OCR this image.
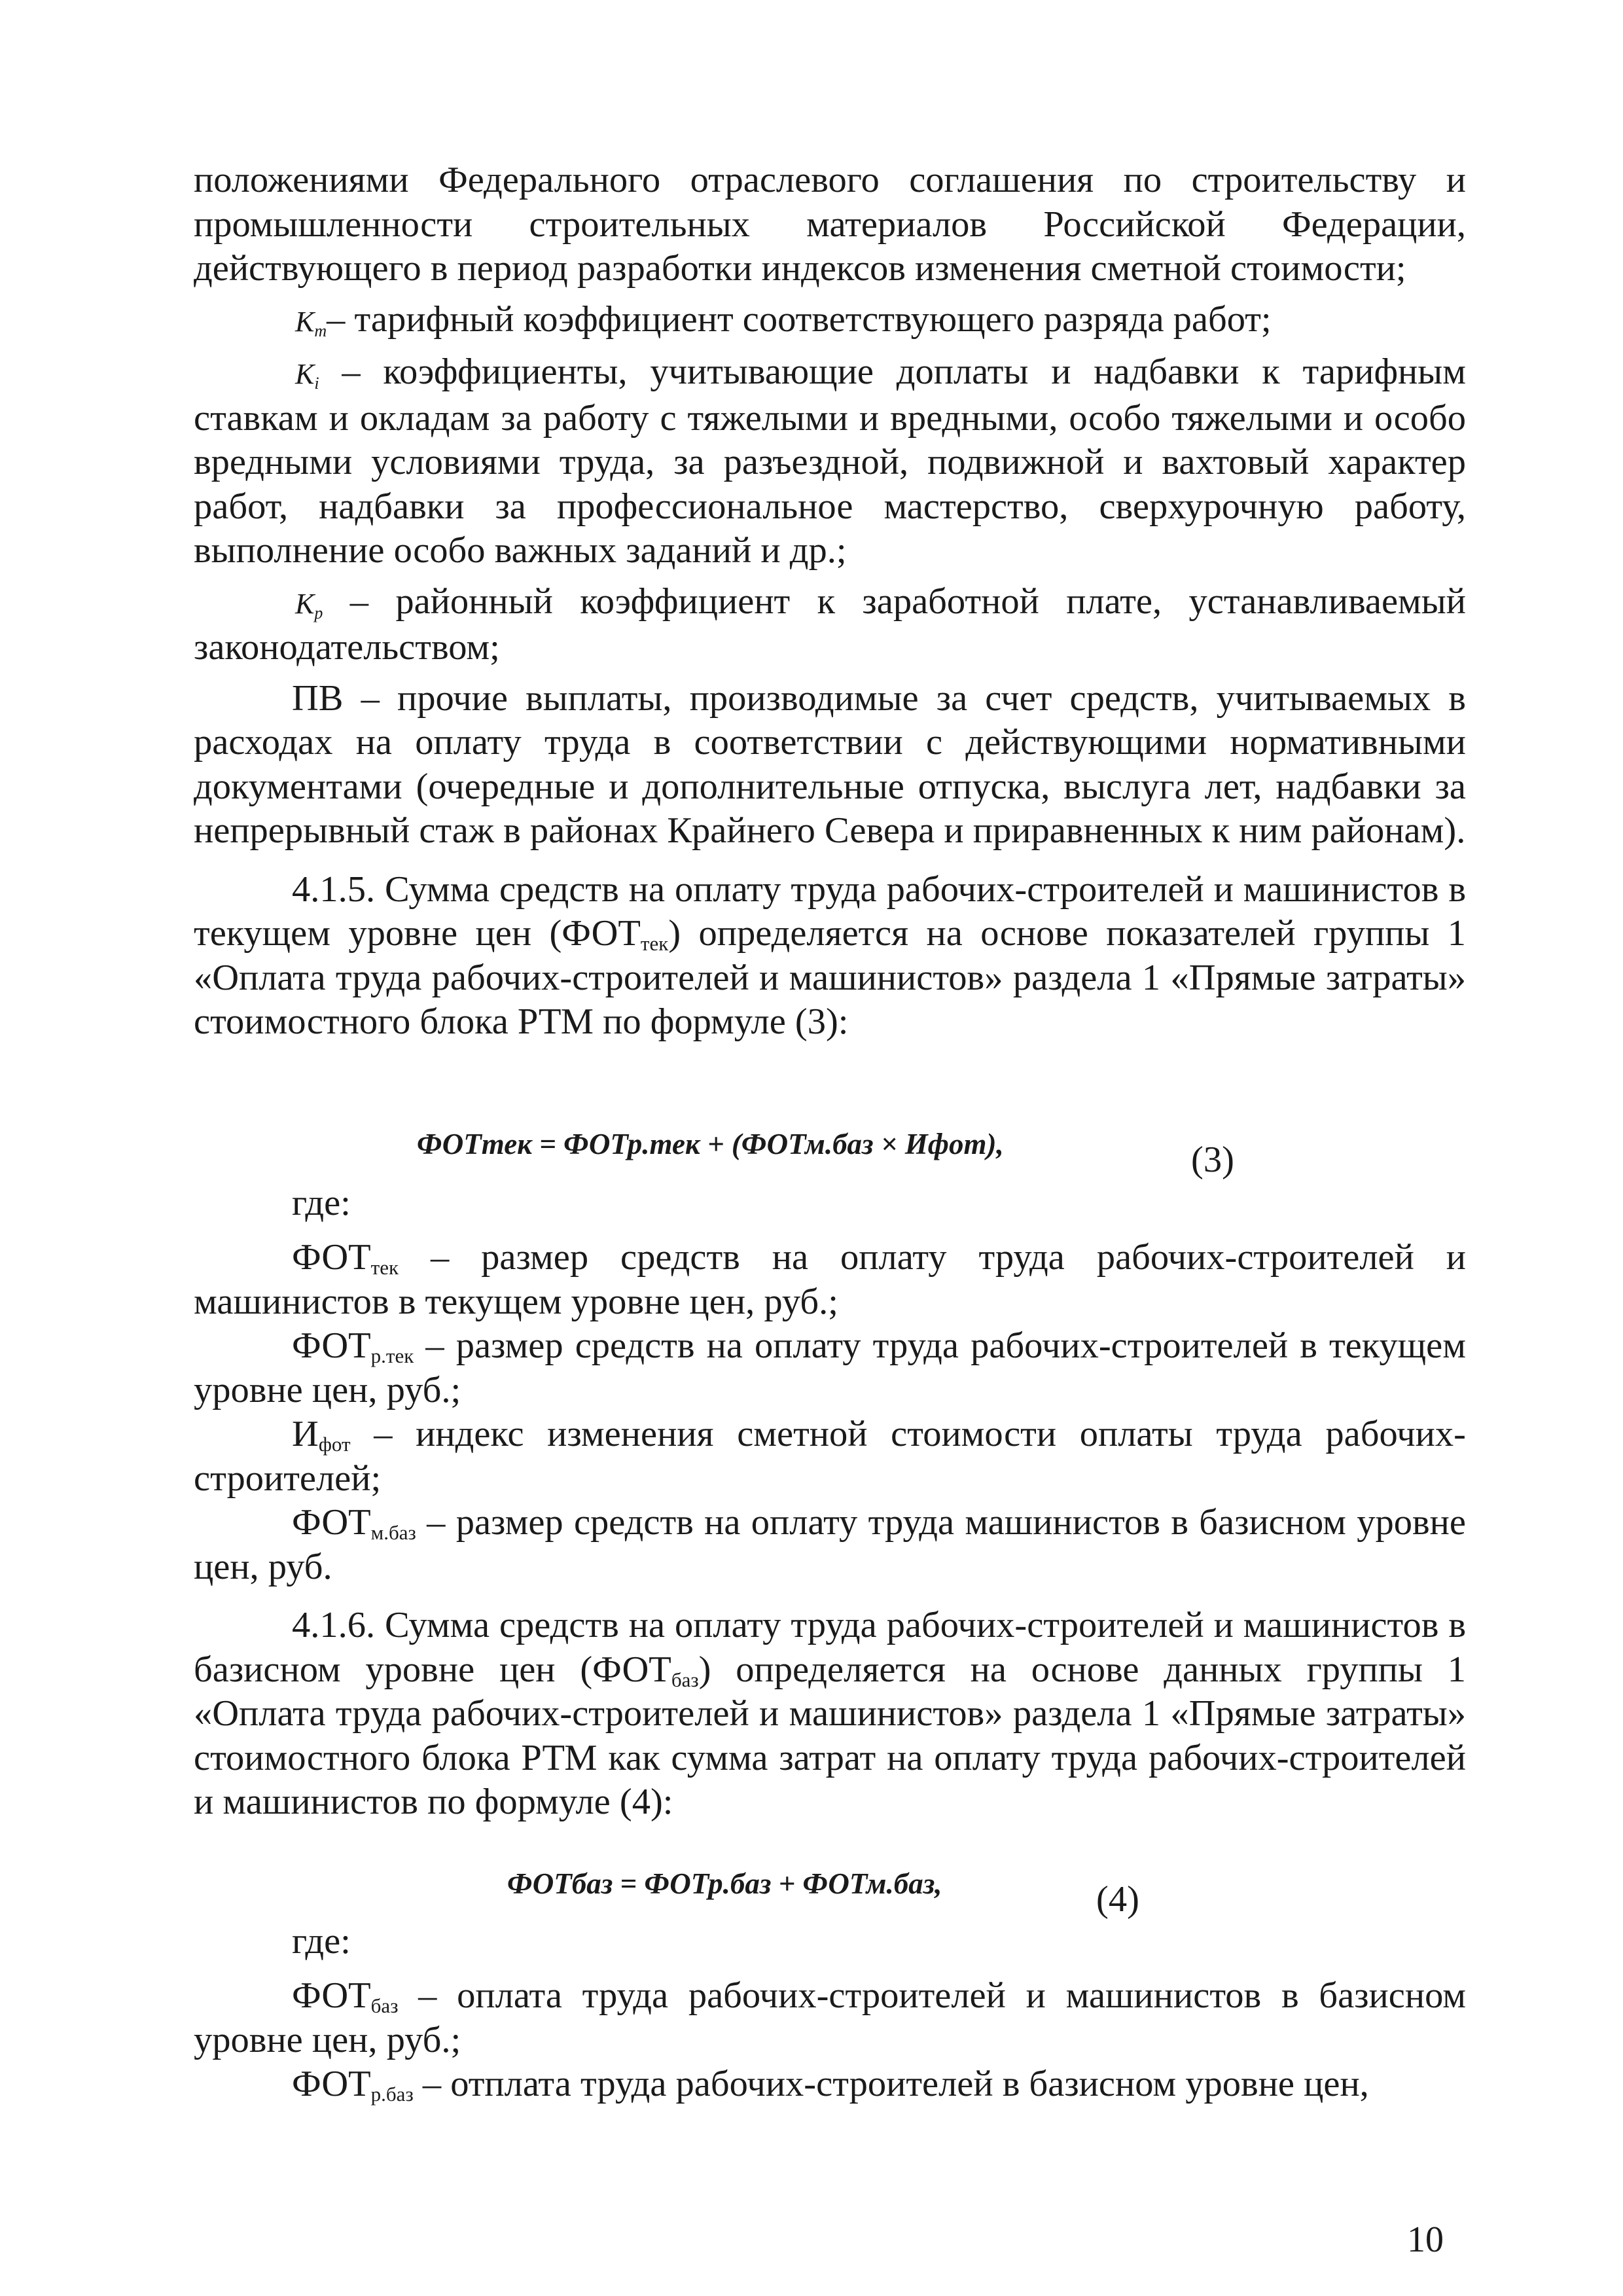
положениями Федерального отраслевого соглашения по строительству и промышленности строительных материалов Российской Федерации, действующего в период разработки индексов изменения сметной стоимости;

$K_т-$ тарифный коэффициент соответствующего разряда работ;

$K_i$ – коэффициенты, учитывающие доплаты и надбавки к тарифным ставкам и окладам за работу с тяжелыми и вредными, особо тяжелыми и особо вредными условиями труда, за разъездной, подвижной и вахтовый характер работ, надбавки за профессиональное мастерство, сверхурочную работу, выполнение особо важных заданий и др.;

$K_р$ – районный коэффициент к заработной плате, устанавливаемый законодательством;

ПВ – прочие выплаты, производимые за счет средств, учитываемых в расходах на оплату труда в соответствии с действующими нормативными документами (очередные и дополнительные отпуска, выслуга лет, надбавки за непрерывный стаж в районах Крайнего Севера и приравненных к ним районам).

4.1.5. Сумма средств на оплату труда рабочих-строителей и машинистов в текущем уровне цен $(ФОТ_{тек})$ определяется на основе показателей группы 1 «Оплата труда рабочих-строителей и машинистов» раздела 1 «Прямые затраты» стоимостного блока РТМ по формуле (3):

ФОТтек = ФОТр.тек + (ФОТм.баз × Ифот),	(3)
где:

$ФОТ_{тек}$ – размер средств на оплату труда рабочих-строителей и машинистов в текущем уровне цен, руб.;

$ФОТ_{р.тек}$ – размер средств на оплату труда рабочих-строителей в текущем уровне цен, руб.;

$И_{фот}$ – индекс изменения сметной стоимости оплаты труда рабочих-строителей;

$ФОТ_{м.баз}$ – размер средств на оплату труда машинистов в базисном уровне цен, руб.

4.1.6. Сумма средств на оплату труда рабочих-строителей и машинистов в базисном уровне цен $(ФОТ_{баз})$ определяется на основе данных группы 1 «Оплата труда рабочих-строителей и машинистов» раздела 1 «Прямые затраты» стоимостного блока РТМ как сумма затрат на оплату труда рабочих-строителей и машинистов по формуле (4):

ФОТбаз = ФОТр.баз + ФОТм.баз,	(4)
где:

$ФОТ_{баз}$ – оплата труда рабочих-строителей и машинистов в базисном уровне цен, руб.;

$ФОТ_{р.баз}$ – отплата труда рабочих-строителей в базисном уровне цен,

10
